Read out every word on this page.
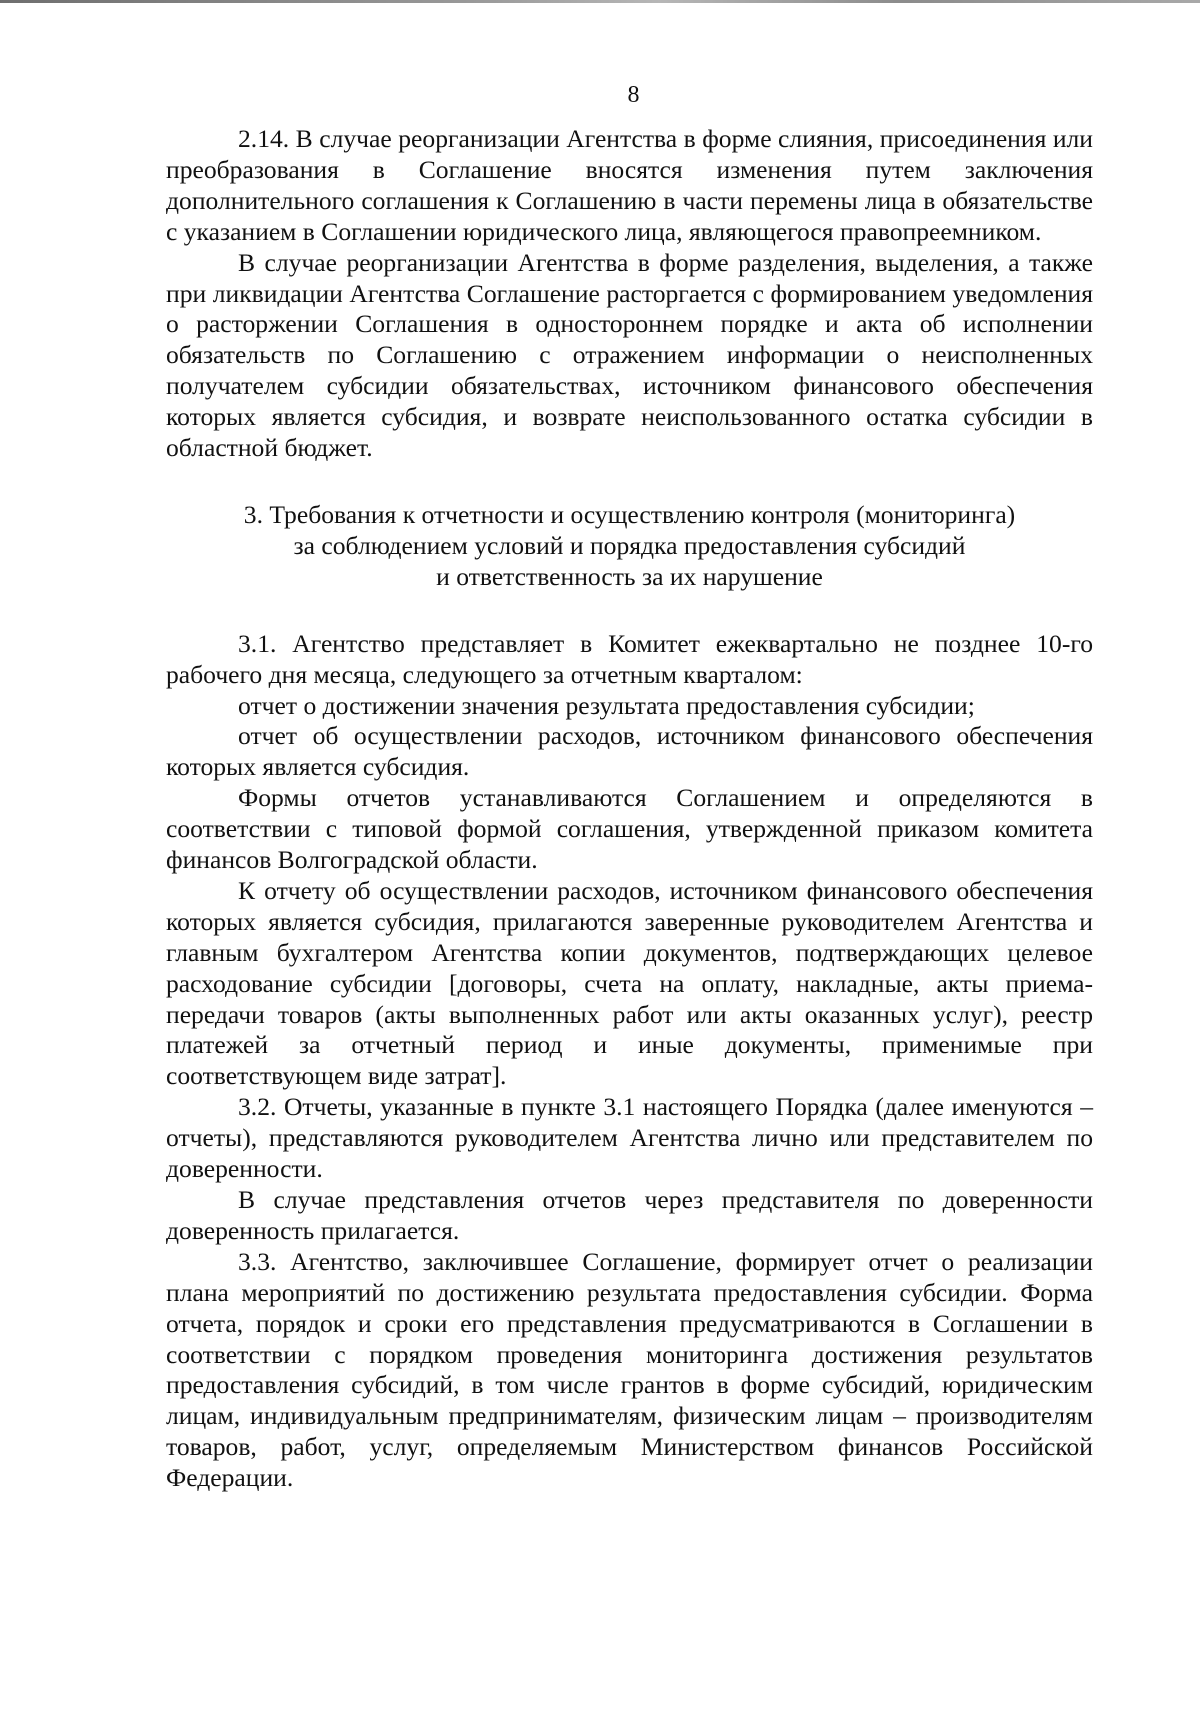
8

2.14. В случае реорганизации Агентства в форме слияния, присоединения или преобразования в Соглашение вносятся изменения путем заключения дополнительного соглашения к Соглашению в части перемены лица в обязательстве с указанием в Соглашении юридического лица, являющегося правопреемником.

В случае реорганизации Агентства в форме разделения, выделения, а также при ликвидации Агентства Соглашение расторгается с формированием уведомления о расторжении Соглашения в одностороннем порядке и акта об исполнении обязательств по Соглашению с отражением информации о неисполненных получателем субсидии обязательствах, источником финансового обеспечения которых является субсидия, и возврате неиспользованного остатка субсидии в областной бюджет.

3. Требования к отчетности и осуществлению контроля (мониторинга)
за соблюдением условий и порядка предоставления субсидий
и ответственность за их нарушение

3.1. Агентство представляет в Комитет ежеквартально не позднее 10-го рабочего дня месяца, следующего за отчетным кварталом:

отчет о достижении значения результата предоставления субсидии;

отчет об осуществлении расходов, источником финансового обеспечения которых является субсидия.

Формы отчетов устанавливаются Соглашением и определяются в соответствии с типовой формой соглашения, утвержденной приказом комитета финансов Волгоградской области.

К отчету об осуществлении расходов, источником финансового обеспечения которых является субсидия, прилагаются заверенные руководителем Агентства и главным бухгалтером Агентства копии документов, подтверждающих целевое расходование субсидии [договоры, счета на оплату, накладные, акты приема-передачи товаров (акты выполненных работ или акты оказанных услуг), реестр платежей за отчетный период и иные документы, применимые при соответствующем виде затрат].

3.2. Отчеты, указанные в пункте 3.1 настоящего Порядка (далее именуются – отчеты), представляются руководителем Агентства лично или представителем по доверенности.

В случае представления отчетов через представителя по доверенности доверенность прилагается.

3.3. Агентство, заключившее Соглашение, формирует отчет о реализации плана мероприятий по достижению результата предоставления субсидии. Форма отчета, порядок и сроки его представления предусматриваются в Соглашении в соответствии с порядком проведения мониторинга достижения результатов предоставления субсидий, в том числе грантов в форме субсидий, юридическим лицам, индивидуальным предпринимателям, физическим лицам – производителям товаров, работ, услуг, определяемым Министерством финансов Российской Федерации.
